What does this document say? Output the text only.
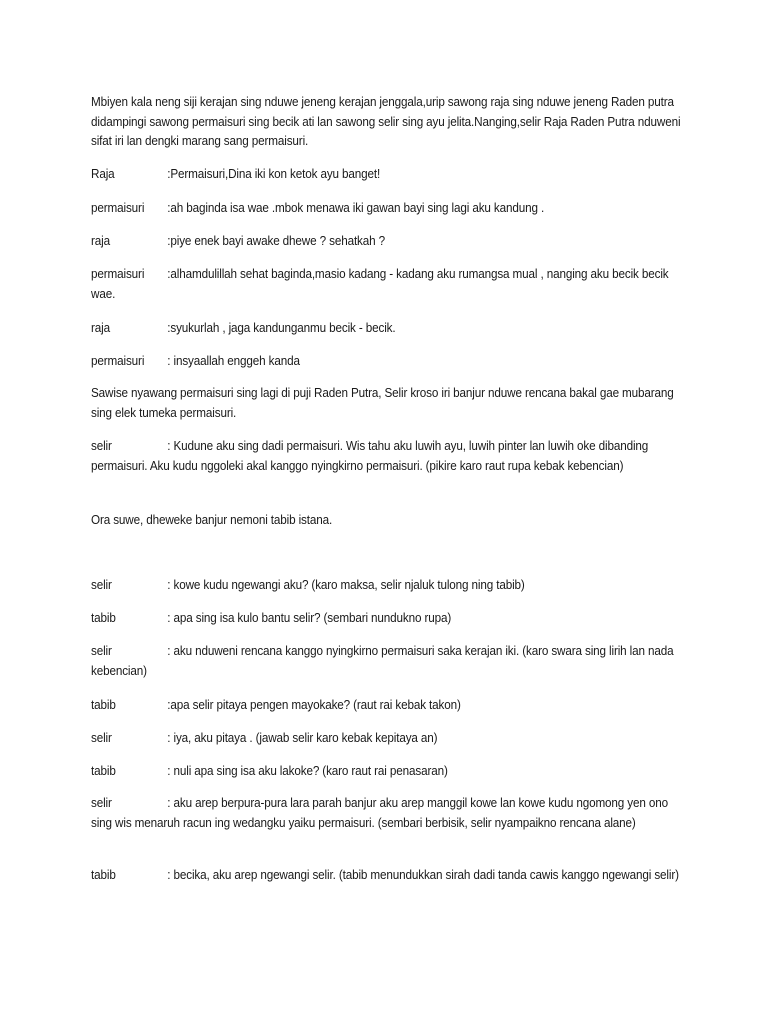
Mbiyen kala neng siji kerajan sing nduwe jeneng kerajan jenggala,urip sawong raja sing nduwe jeneng Raden putra didampingi sawong permaisuri sing becik ati lan sawong selir sing ayu jelita.Nanging,selir Raja Raden Putra nduweni sifat iri lan dengki marang sang permaisuri.
Raja	:Permaisuri,Dina iki kon ketok ayu banget!
permaisuri :ah baginda isa wae .mbok menawa iki gawan bayi sing lagi aku kandung .
raja	:piye enek bayi awake dhewe ? sehatkah ?
permaisuri :alhamdulillah sehat baginda,masio kadang - kadang aku rumangsa mual , nanging aku becik becik wae.
raja	:syukurlah , jaga kandunganmu becik - becik.
permaisuri : insyaallah enggeh kanda
Sawise nyawang permaisuri sing lagi di puji Raden Putra, Selir kroso iri banjur nduwe rencana bakal gae mubarang sing elek tumeka permaisuri.
selir	: Kudune aku sing dadi permaisuri. Wis tahu aku luwih ayu, luwih pinter lan luwih oke dibanding permaisuri. Aku kudu nggoleki akal kanggo nyingkirno permaisuri. (pikire karo raut rupa kebak kebencian)
Ora suwe, dheweke banjur nemoni tabib istana.
selir	: kowe kudu ngewangi aku? (karo maksa, selir njaluk tulong ning tabib)
tabib	: apa sing isa kulo bantu selir? (sembari nundukno rupa)
selir	: aku nduweni rencana kanggo nyingkirno permaisuri saka kerajan iki. (karo swara sing lirih lan nada kebencian)
tabib	:apa selir pitaya pengen mayokake? (raut rai kebak takon)
selir	: iya, aku pitaya . (jawab selir karo kebak kepitaya an)
tabib	: nuli apa sing isa aku lakoke? (karo raut rai penasaran)
selir	: aku arep berpura-pura lara parah banjur aku arep manggil kowe lan kowe kudu ngomong yen ono sing wis menaruh racun ing wedangku yaiku permaisuri. (sembari berbisik, selir nyampaikno rencana alane)
tabib	: becika, aku arep ngewangi selir. (tabib menundukkan sirah dadi tanda cawis kanggo ngewangi selir)
